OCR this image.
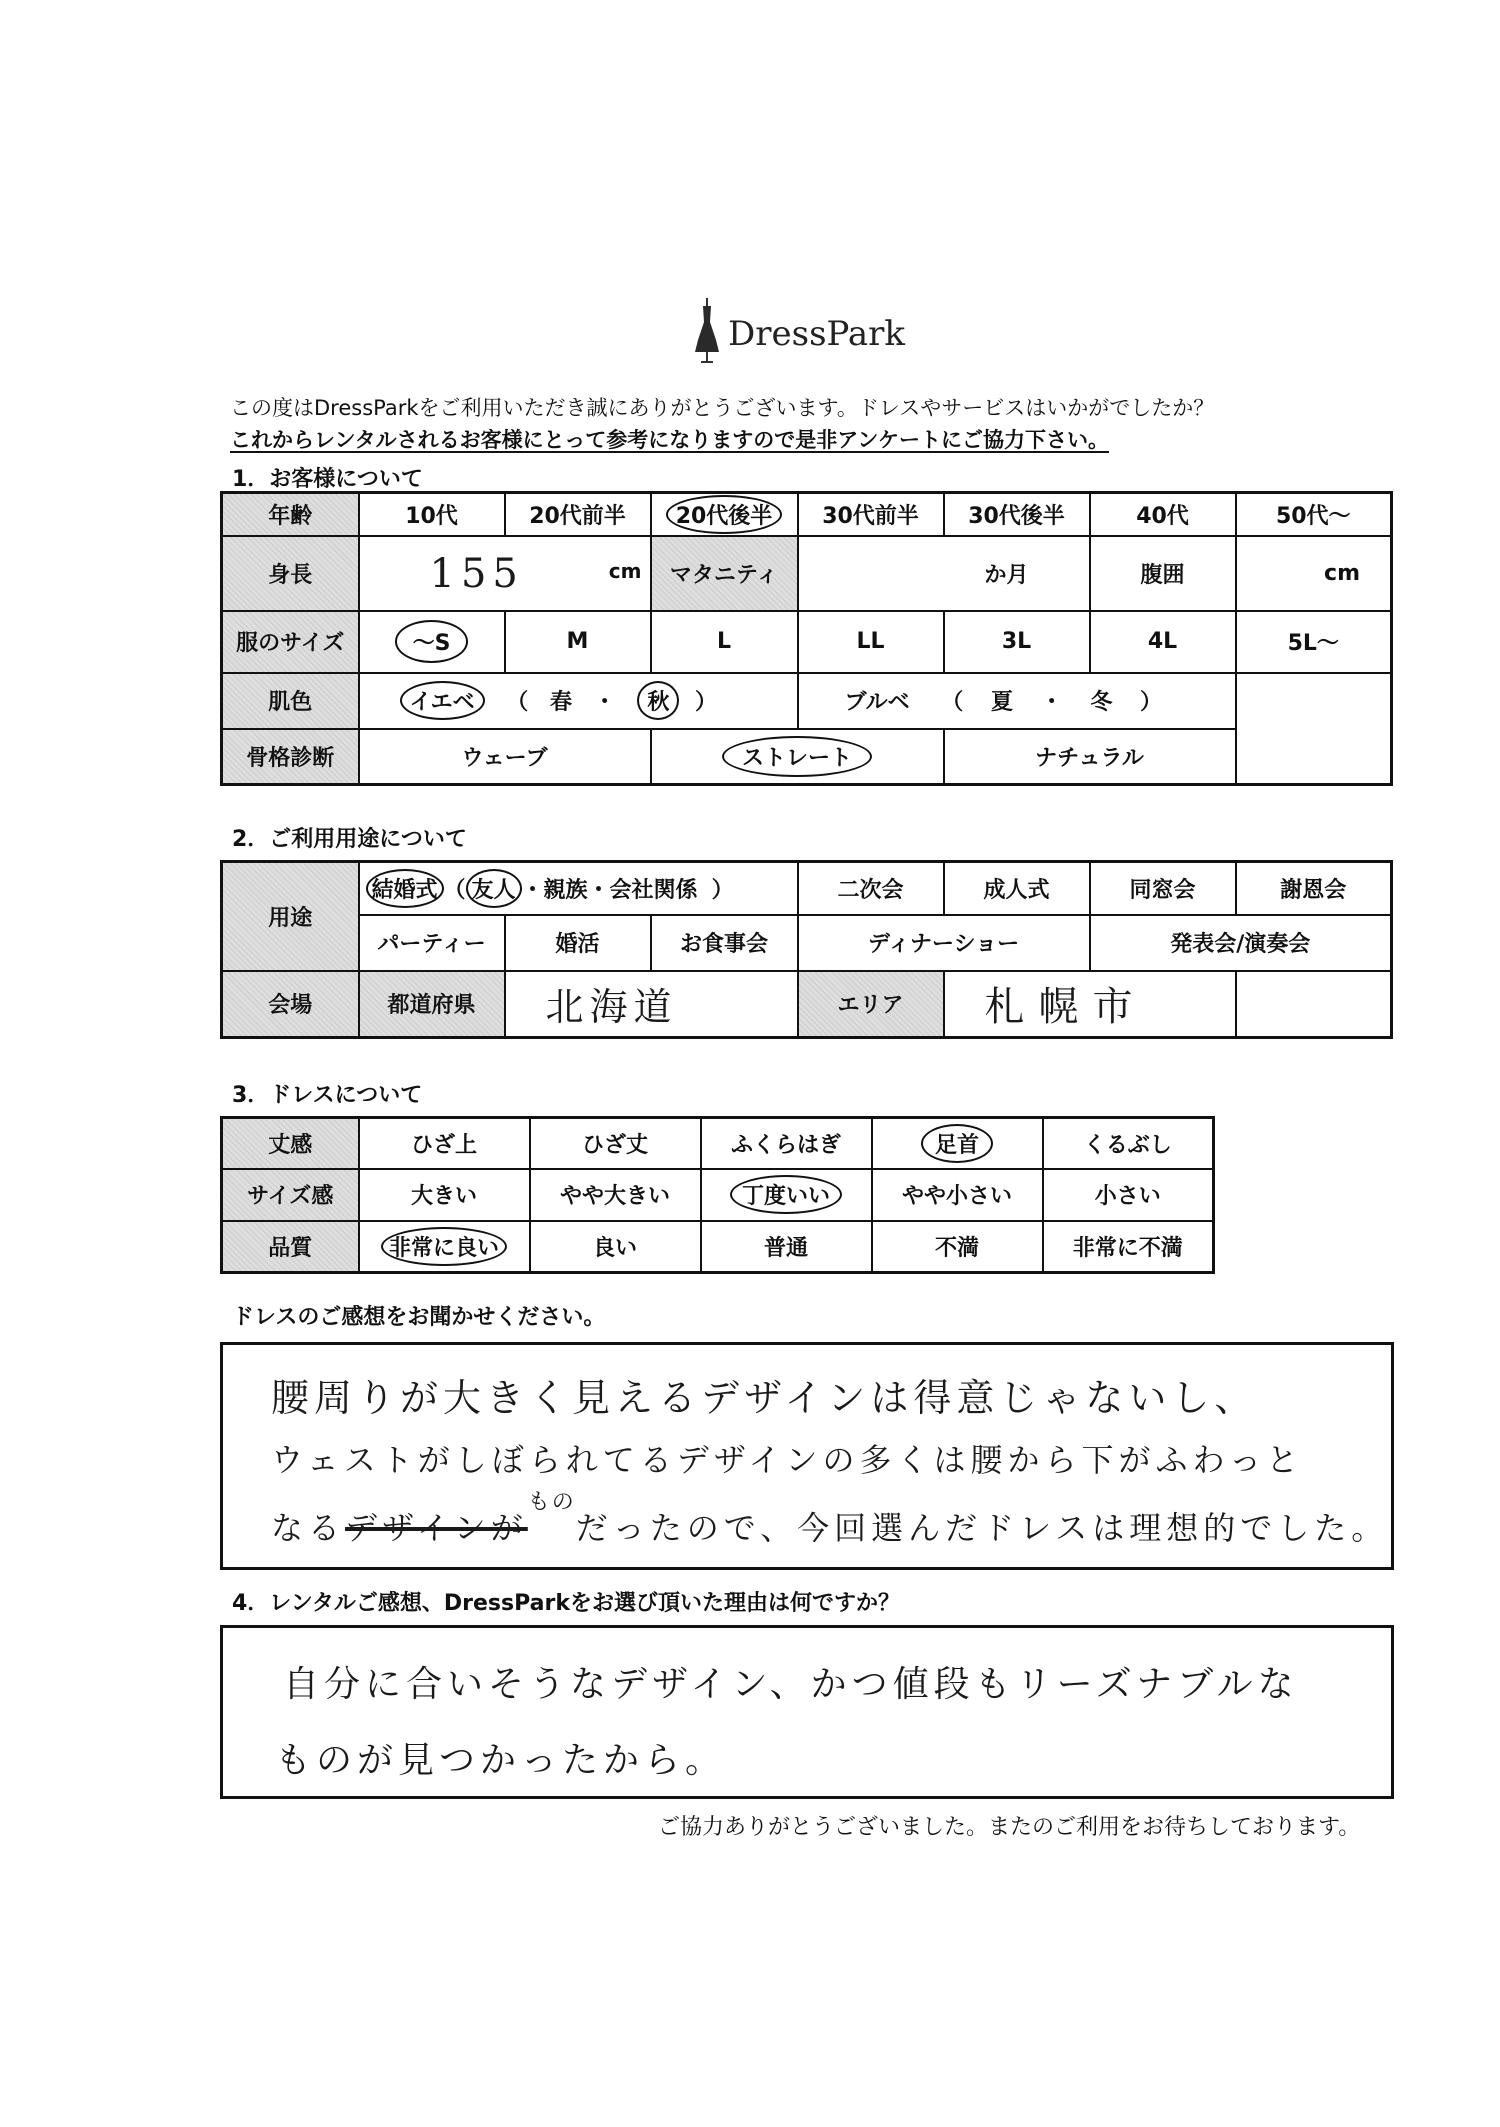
DressPark
この度はDressParkをご利用いただき誠にありがとうございます。ドレスやサービスはいかがでしたか？
これからレンタルされるお客様にとって参考になりますので是非アンケートにご協力下さい。
1．お客様について
年齢	10代	20代前半	20代後半	30代前半	30代後半	40代	50代～
身長	155 cm		マタニティ	か月		腹囲	cm
服のサイズ	～S	M	L	LL	3L	4L	5L～
肌色	イエベ （ 春 ・ 秋 ）			ブルベ （ 夏 ・ 冬 ）			
骨格診断	ウェーブ		ストレート		ナチュラル		
2．ご利用用途について
用途	結婚式 （ 友人 ・親族・会社関係 ）			二次会	成人式	同窓会	謝恩会
	パーティー	婚活	お食事会	ディナーショー		発表会/演奏会	
会場	都道府県	北海道		エリア	札幌市		
3．ドレスについて
丈感	ひざ上	ひざ丈	ふくらはぎ	足首	くるぶし
サイズ感	大きい	やや大きい	丁度いい	やや小さい	小さい
品質	非常に良い	良い	普通	不満	非常に不満
ドレスのご感想をお聞かせください。
腰周りが大きく見えるデザインは得意じゃないし、
ウェストがしぼられてるデザインの多くは腰から下がふわっと
なるデザインが$^{もの}$だったので、今回選んだドレスは理想的でした。
4．レンタルご感想、DressParkをお選び頂いた理由は何ですか？
自分に合いそうなデザイン、かつ値段もリーズナブルな
ものが見つかったから。
ご協力ありがとうございました。またのご利用をお待ちしております。
